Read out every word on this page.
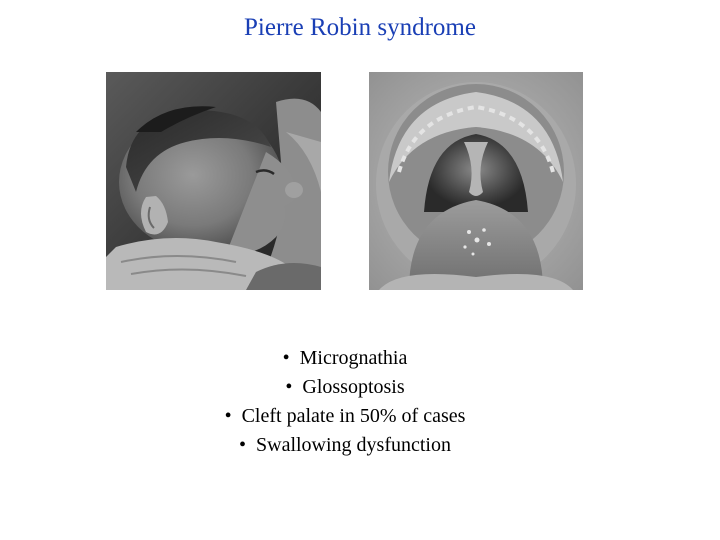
Pierre Robin syndrome
• Micrognathia
• Glossoptosis
• Cleft palate in 50% of cases
• Swallowing dysfunction
